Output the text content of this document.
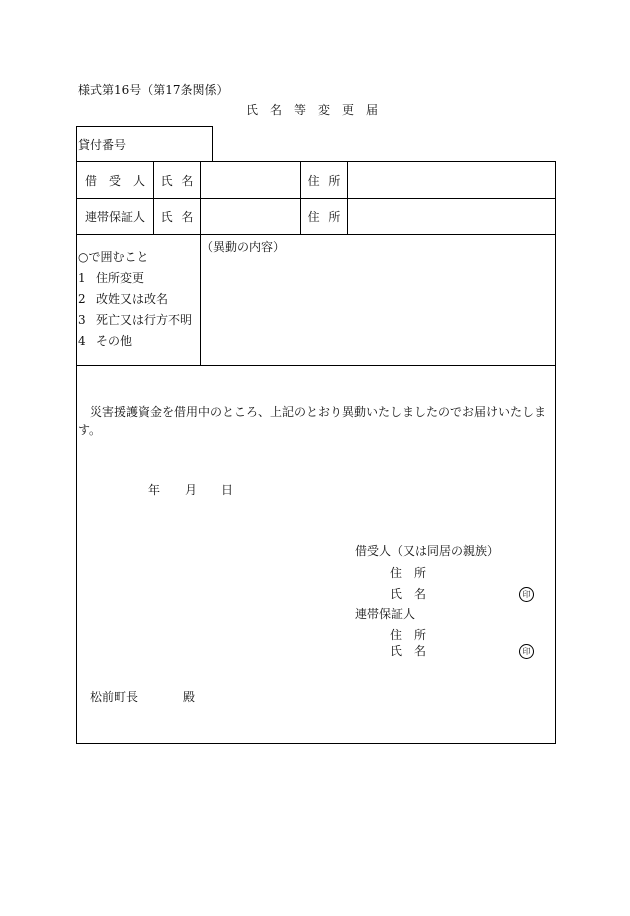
様式第16号（第17条関係）
氏　名　等　変　更　届
貸付番号
借　受　人 氏 名	住 所
連帯保証人 氏 名	住 所
○で囲むこと
1 住所変更
2 改姓又は改名
3 死亡又は行方不明
4 その他
（異動の内容）
災害援護資金を借用中のところ、上記のとおり異動いたしましたのでお届けいたします。
年 月 日
借受人（又は同居の親族）
住　所
氏　名	印
連帯保証人
住　所
氏　名	印
松前町長	殿
